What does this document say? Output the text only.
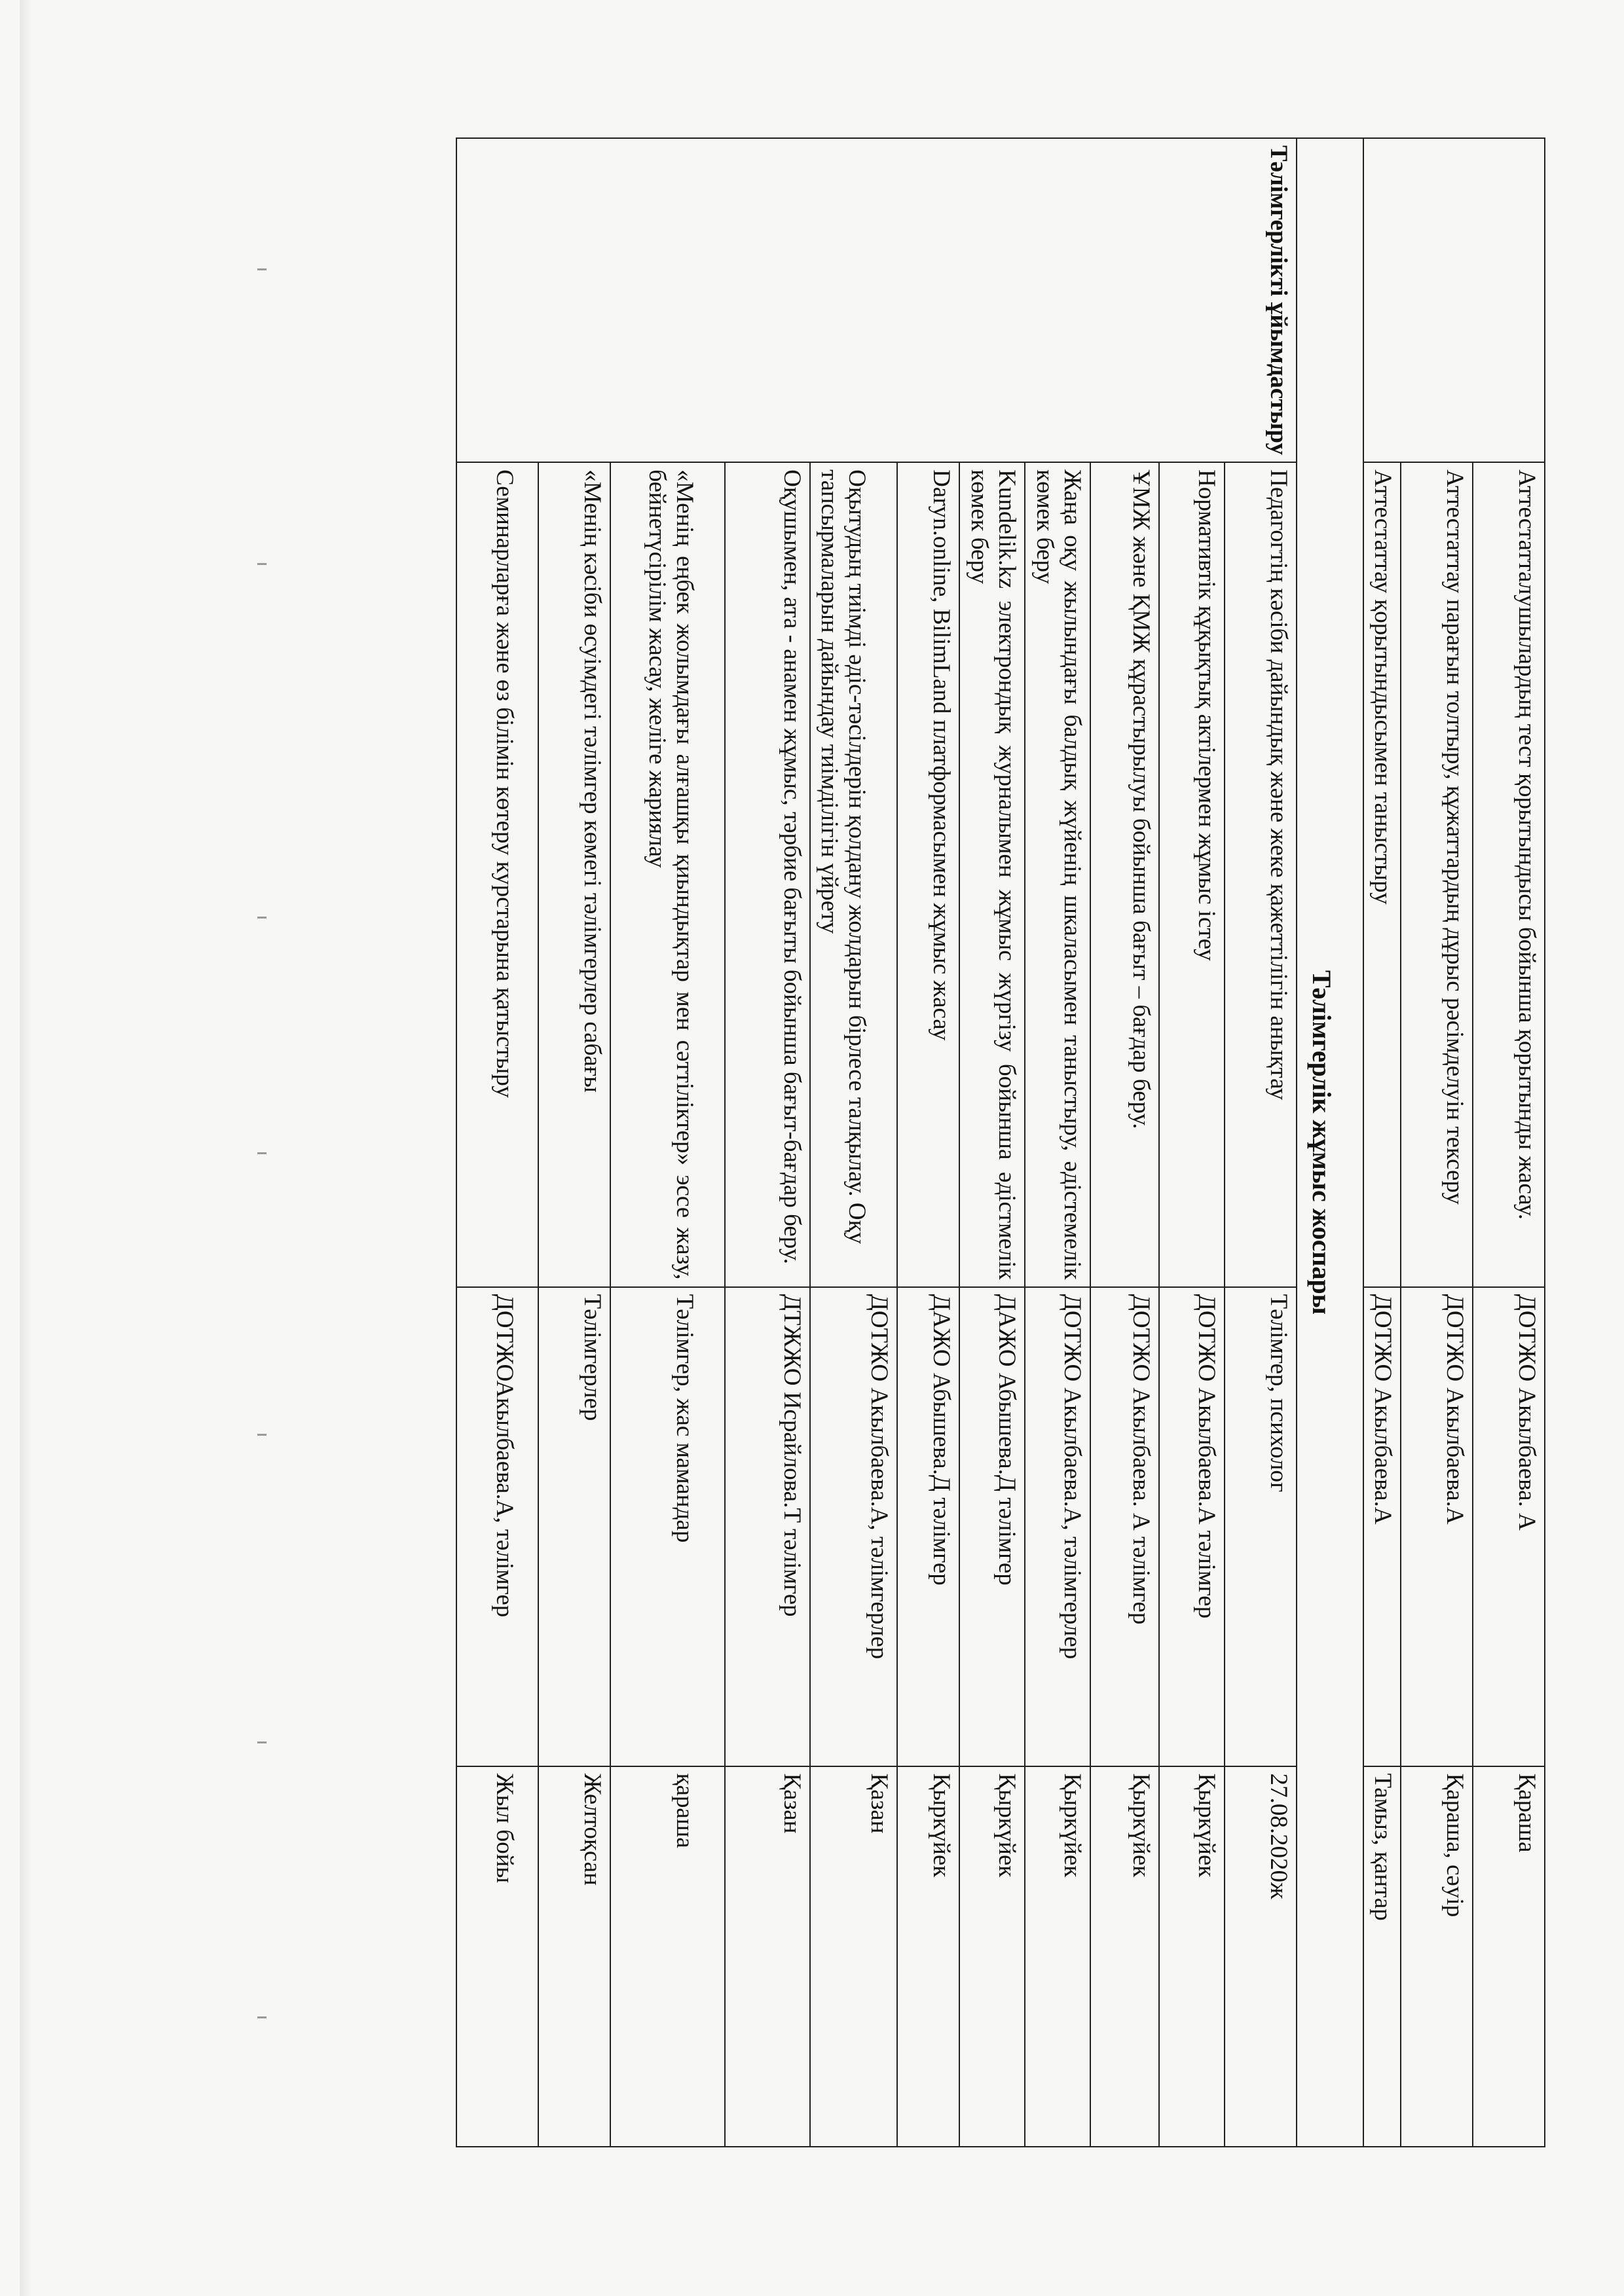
	Аттестатталушылардың тест қорытындысы бойынша қорытынды жасау.	ДОТЖО Акылбаева. А	Қараша
	Аттестаттау парағын толтыру, құжаттардың дұрыс рәсімделуін тексеру	ДОТЖО Акылбаева.А	Қараша, сәуір
	Аттестаттау қорытындысымен таныстыру	ДОТЖО Акылбаева.А	Тамыз, қантар
Тәлімгерлік жұмыс жоспары			
Тәлімгерлікті ұйымдастыру	Педагогтің кәсіби дайындық және жеке қажеттілігін анықтау	Тәлімгер, психолог	27.08.2020ж
	Нормативтік құқықтық актілермен жұмыс істеу	ДОТЖО Акылбаева.А тәлімгер	Қыркүйек
	ҰМЖ және ҚМЖ құрастырылуы бойынша бағыт – бағдар беру.	ДОТЖО Акылбаева. А тәлімгер	Қыркүйек
	Жаңа оқу жылындағы балдық жүйенің шкаласымен таныстыру, әдістемелік көмек беру	ДОТЖО Акылбаева.А, тәлімгерлер	Қыркүйек
	Kundelik.kz электрондық журналымен жұмыс жүргізу бойынша әдістмелік көмек беру	ДАЖО Абышева.Д тәлімгер	Қыркүйек
	Daryn.online, BilimLand платформасымен жұмыс жасау	ДАЖО Абышева.Д тәлімгер	Қыркүйек
	Оқытудың тиімді әдіс-тәсілдерін қолдану жолдарын бірлесе талқылау. Оқу тапсырмаларын дайындау тиімділігін үйрету	ДОТЖО Акылбаева.А, тәлімгерлер	Қазан
	Оқушымен, ата - анамен жұмыс, тәрбие бағыты бойынша бағыт-бағдар беру.	ДТЖЖО Исрайлова.Т тәлімгер	Қазан
	«Менің еңбек жолымдағы алғашқы қиындықтар мен сәттіліктер» эссе жазу, бейнетүсірілім жасау, желіге жариялау	Тәлімгер, жас мамандар	қараша
	«Менің кәсіби өсуімдегі тәлімгер көмегі тәлімгерлер сабағы	Тәлімгерлер	Желтоқсан
	Семинарларға және өз білімін көтеру курстарына қатыстыру	ДОТЖОАкылбаева.А, тәлімгер	Жыл бойы
